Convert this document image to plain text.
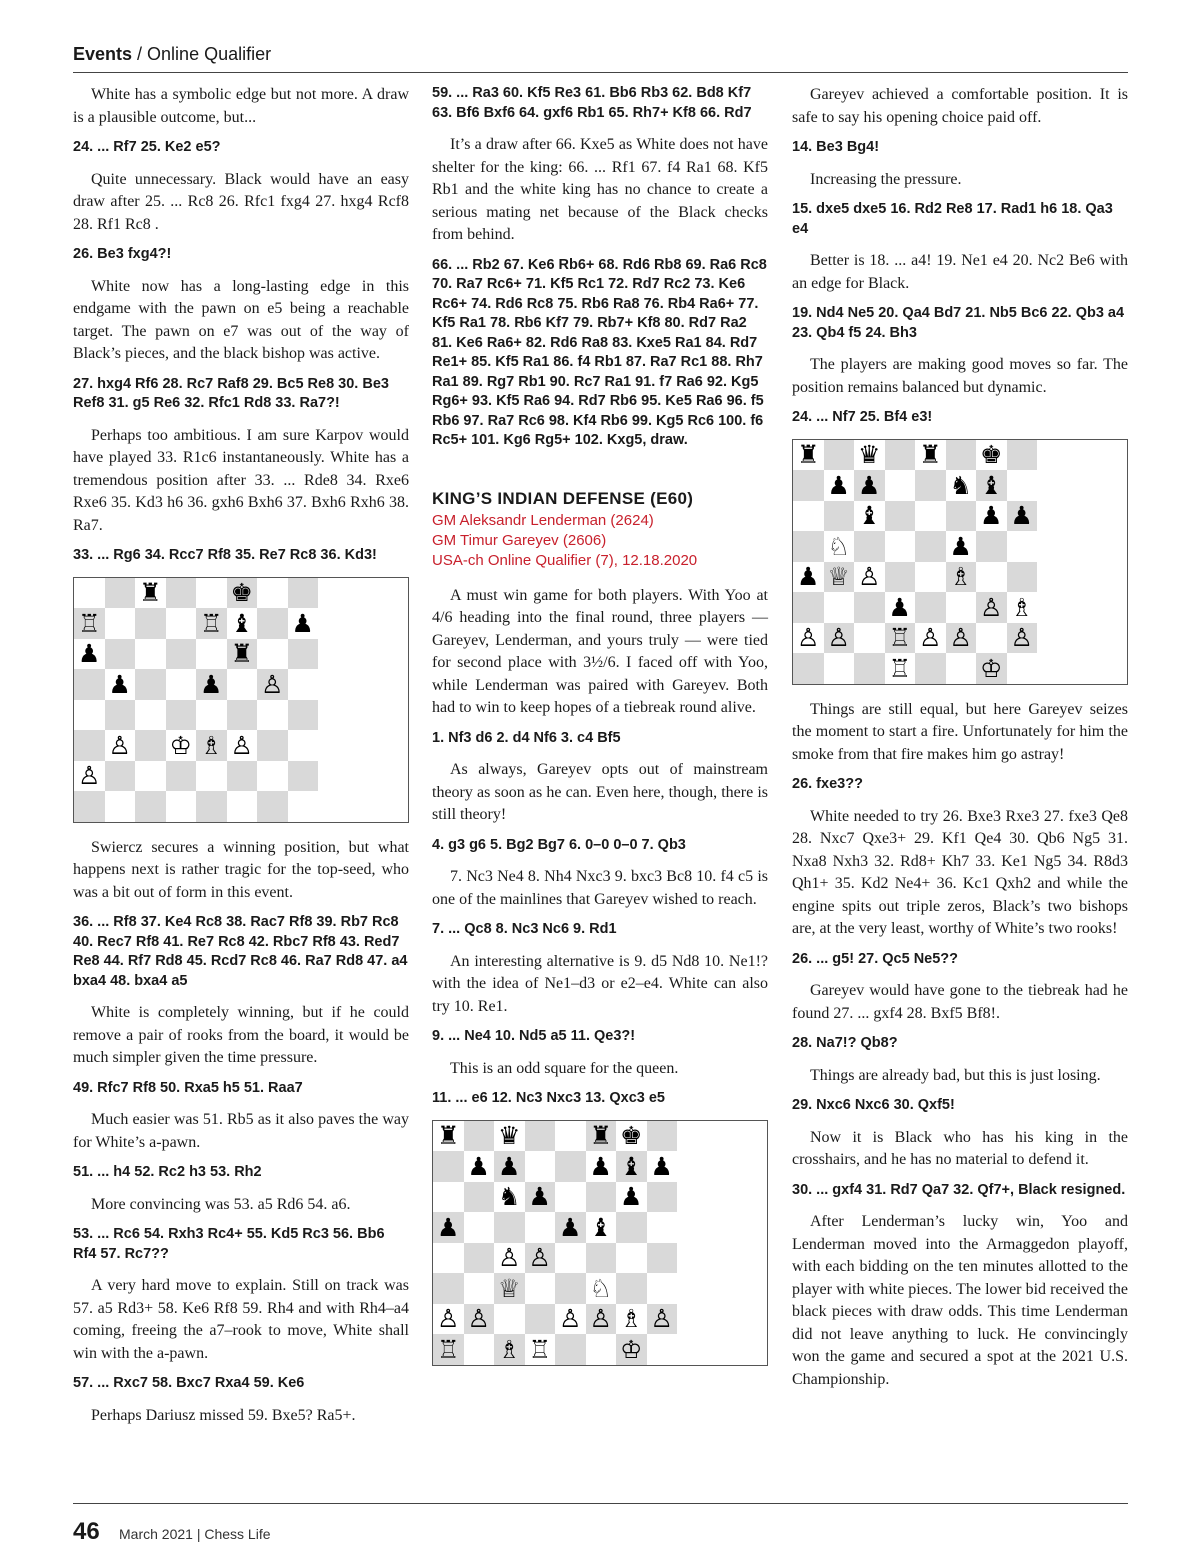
Events / Online Qualifier

White has a symbolic edge but not more. A draw is a plausible outcome, but...

24. ... Rf7 25. Ke2 e5?

Quite unnecessary. Black would have an easy draw after 25. ... Rc8 26. Rfc1 fxg4 27. hxg4 Rcf8 28. Rf1 Rc8 .

26. Be3 fxg4?!

White now has a long-lasting edge in this endgame with the pawn on e5 being a reachable target. The pawn on e7 was out of the way of Black’s pieces, and the black bishop was active.

27. hxg4 Rf6 28. Rc7 Raf8 29. Bc5 Re8 30. Be3 Ref8 31. g5 Re6 32. Rfc1 Rd8 33. Ra7?!

Perhaps too ambitious. I am sure Karpov would have played 33. R1c6 instantaneously. White has a tremendous position after 33. ... Rde8 34. Rxe6 Rxe6 35. Kd3 h6 36. gxh6 Bxh6 37. Bxh6 Rxh6 38. Ra7.

33. ... Rg6 34. Rcc7 Rf8 35. Re7 Rc8 36. Kd3!

♜	♚
♖	♖ ♝ ♟
♟	♜
♟	♟ ♙
♙ ♔ ♗ ♙
♙

Swiercz secures a winning position, but what happens next is rather tragic for the top-seed, who was a bit out of form in this event.

36. ... Rf8 37. Ke4 Rc8 38. Rac7 Rf8 39. Rb7 Rc8 40. Rec7 Rf8 41. Re7 Rc8 42. Rbc7 Rf8 43. Red7 Re8 44. Rf7 Rd8 45. Rcd7 Rc8 46. Ra7 Rd8 47. a4 bxa4 48. bxa4 a5

White is completely winning, but if he could remove a pair of rooks from the board, it would be much simpler given the time pressure.

49. Rfc7 Rf8 50. Rxa5 h5 51. Raa7

Much easier was 51. Rb5 as it also paves the way for White’s a-pawn.

51. ... h4 52. Rc2 h3 53. Rh2

More convincing was 53. a5 Rd6 54. a6.

53. ... Rc6 54. Rxh3 Rc4+ 55. Kd5 Rc3 56. Bb6 Rf4 57. Rc7??

A very hard move to explain. Still on track was 57. a5 Rd3+ 58. Ke6 Rf8 59. Rh4 and with Rh4–a4 coming, freeing the a7–rook to move, White shall win with the a-pawn.

57. ... Rxc7 58. Bxc7 Rxa4 59. Ke6

Perhaps Dariusz missed 59. Bxe5? Ra5+.

59. ... Ra3 60. Kf5 Re3 61. Bb6 Rb3 62. Bd8 Kf7 63. Bf6 Bxf6 64. gxf6 Rb1 65. Rh7+ Kf8 66. Rd7

It’s a draw after 66. Kxe5 as White does not have shelter for the king: 66. ... Rf1 67. f4 Ra1 68. Kf5 Rb1 and the white king has no chance to create a serious mating net because of the Black checks from behind.

66. ... Rb2 67. Ke6 Rb6+ 68. Rd6 Rb8 69. Ra6 Rc8 70. Ra7 Rc6+ 71. Kf5 Rc1 72. Rd7 Rc2 73. Ke6 Rc6+ 74. Rd6 Rc8 75. Rb6 Ra8 76. Rb4 Ra6+ 77. Kf5 Ra1 78. Rb6 Kf7 79. Rb7+ Kf8 80. Rd7 Ra2 81. Ke6 Ra6+ 82. Rd6 Ra8 83. Kxe5 Ra1 84. Rd7 Re1+ 85. Kf5 Ra1 86. f4 Rb1 87. Ra7 Rc1 88. Rh7 Ra1 89. Rg7 Rb1 90. Rc7 Ra1 91. f7 Ra6 92. Kg5 Rg6+ 93. Kf5 Ra6 94. Rd7 Rb6 95. Ke5 Ra6 96. f5 Rb6 97. Ra7 Rc6 98. Kf4 Rb6 99. Kg5 Rc6 100. f6 Rc5+ 101. Kg6 Rg5+ 102. Kxg5, draw.

KING’S INDIAN DEFENSE (E60)
GM Aleksandr Lenderman (2624)
GM Timur Gareyev (2606)
USA-ch Online Qualifier (7), 12.18.2020

A must win game for both players. With Yoo at 4/6 heading into the final round, three players — Gareyev, Lenderman, and yours truly — were tied for second place with 3½/6. I faced off with Yoo, while Lenderman was paired with Gareyev. Both had to win to keep hopes of a tiebreak round alive.

1. Nf3 d6 2. d4 Nf6 3. c4 Bf5

As always, Gareyev opts out of mainstream theory as soon as he can. Even here, though, there is still theory!

4. g3 g6 5. Bg2 Bg7 6. 0–0 0–0 7. Qb3

7. Nc3 Ne4 8. Nh4 Nxc3 9. bxc3 Bc8 10. f4 c5 is one of the mainlines that Gareyev wished to reach.

7. ... Qc8 8. Nc3 Nc6 9. Rd1

An interesting alternative is 9. d5 Nd8 10. Ne1!? with the idea of Ne1–d3 or e2–e4. White can also try 10. Re1.

9. ... Ne4 10. Nd5 a5 11. Qe3?!

This is an odd square for the queen.

11. ... e6 12. Nc3 Nxc3 13. Qxc3 e5

♜ ♛	♜ ♚
♟ ♟	♟ ♝ ♟
♞ ♟	♟
♟	♟ ♝
♙ ♙
♕	♘
♙ ♙	♙ ♙ ♗ ♙
♖ ♗ ♖	♔

Gareyev achieved a comfortable position. It is safe to say his opening choice paid off.

14. Be3 Bg4!

Increasing the pressure.

15. dxe5 dxe5 16. Rd2 Re8 17. Rad1 h6 18. Qa3 e4

Better is 18. ... a4! 19. Ne1 e4 20. Nc2 Be6 with an edge for Black.

19. Nd4 Ne5 20. Qa4 Bd7 21. Nb5 Bc6 22. Qb3 a4 23. Qb4 f5 24. Bh3

The players are making good moves so far. The position remains balanced but dynamic.

24. ... Nf7 25. Bf4 e3!

♜ ♛ ♜ ♚
♟ ♟	♞ ♝
♝	♟ ♟
♘	♟
♟ ♕ ♙	♗
♟	♙ ♗
♙ ♙ ♖ ♙ ♙ ♙
♖	♔

Things are still equal, but here Gareyev seizes the moment to start a fire. Unfortunately for him the smoke from that fire makes him go astray!

26. fxe3??

White needed to try 26. Bxe3 Rxe3 27. fxe3 Qe8 28. Nxc7 Qxe3+ 29. Kf1 Qe4 30. Qb6 Ng5 31. Nxa8 Nxh3 32. Rd8+ Kh7 33. Ke1 Ng5 34. R8d3 Qh1+ 35. Kd2 Ne4+ 36. Kc1 Qxh2 and while the engine spits out triple zeros, Black’s two bishops are, at the very least, worthy of White’s two rooks!

26. ... g5! 27. Qc5 Ne5??

Gareyev would have gone to the tiebreak had he found 27. ... gxf4 28. Bxf5 Bf8!.

28. Na7!? Qb8?

Things are already bad, but this is just losing.

29. Nxc6 Nxc6 30. Qxf5!

Now it is Black who has his king in the crosshairs, and he has no material to defend it.

30. ... gxf4 31. Rd7 Qa7 32. Qf7+, Black resigned.

After Lenderman’s lucky win, Yoo and Lenderman moved into the Armaggedon playoff, with each bidding on the ten minutes allotted to the player with white pieces. The lower bid received the black pieces with draw odds. This time Lenderman did not leave anything to luck. He convincingly won the game and secured a spot at the 2021 U.S. Championship.

46 March 2021 | Chess Life
